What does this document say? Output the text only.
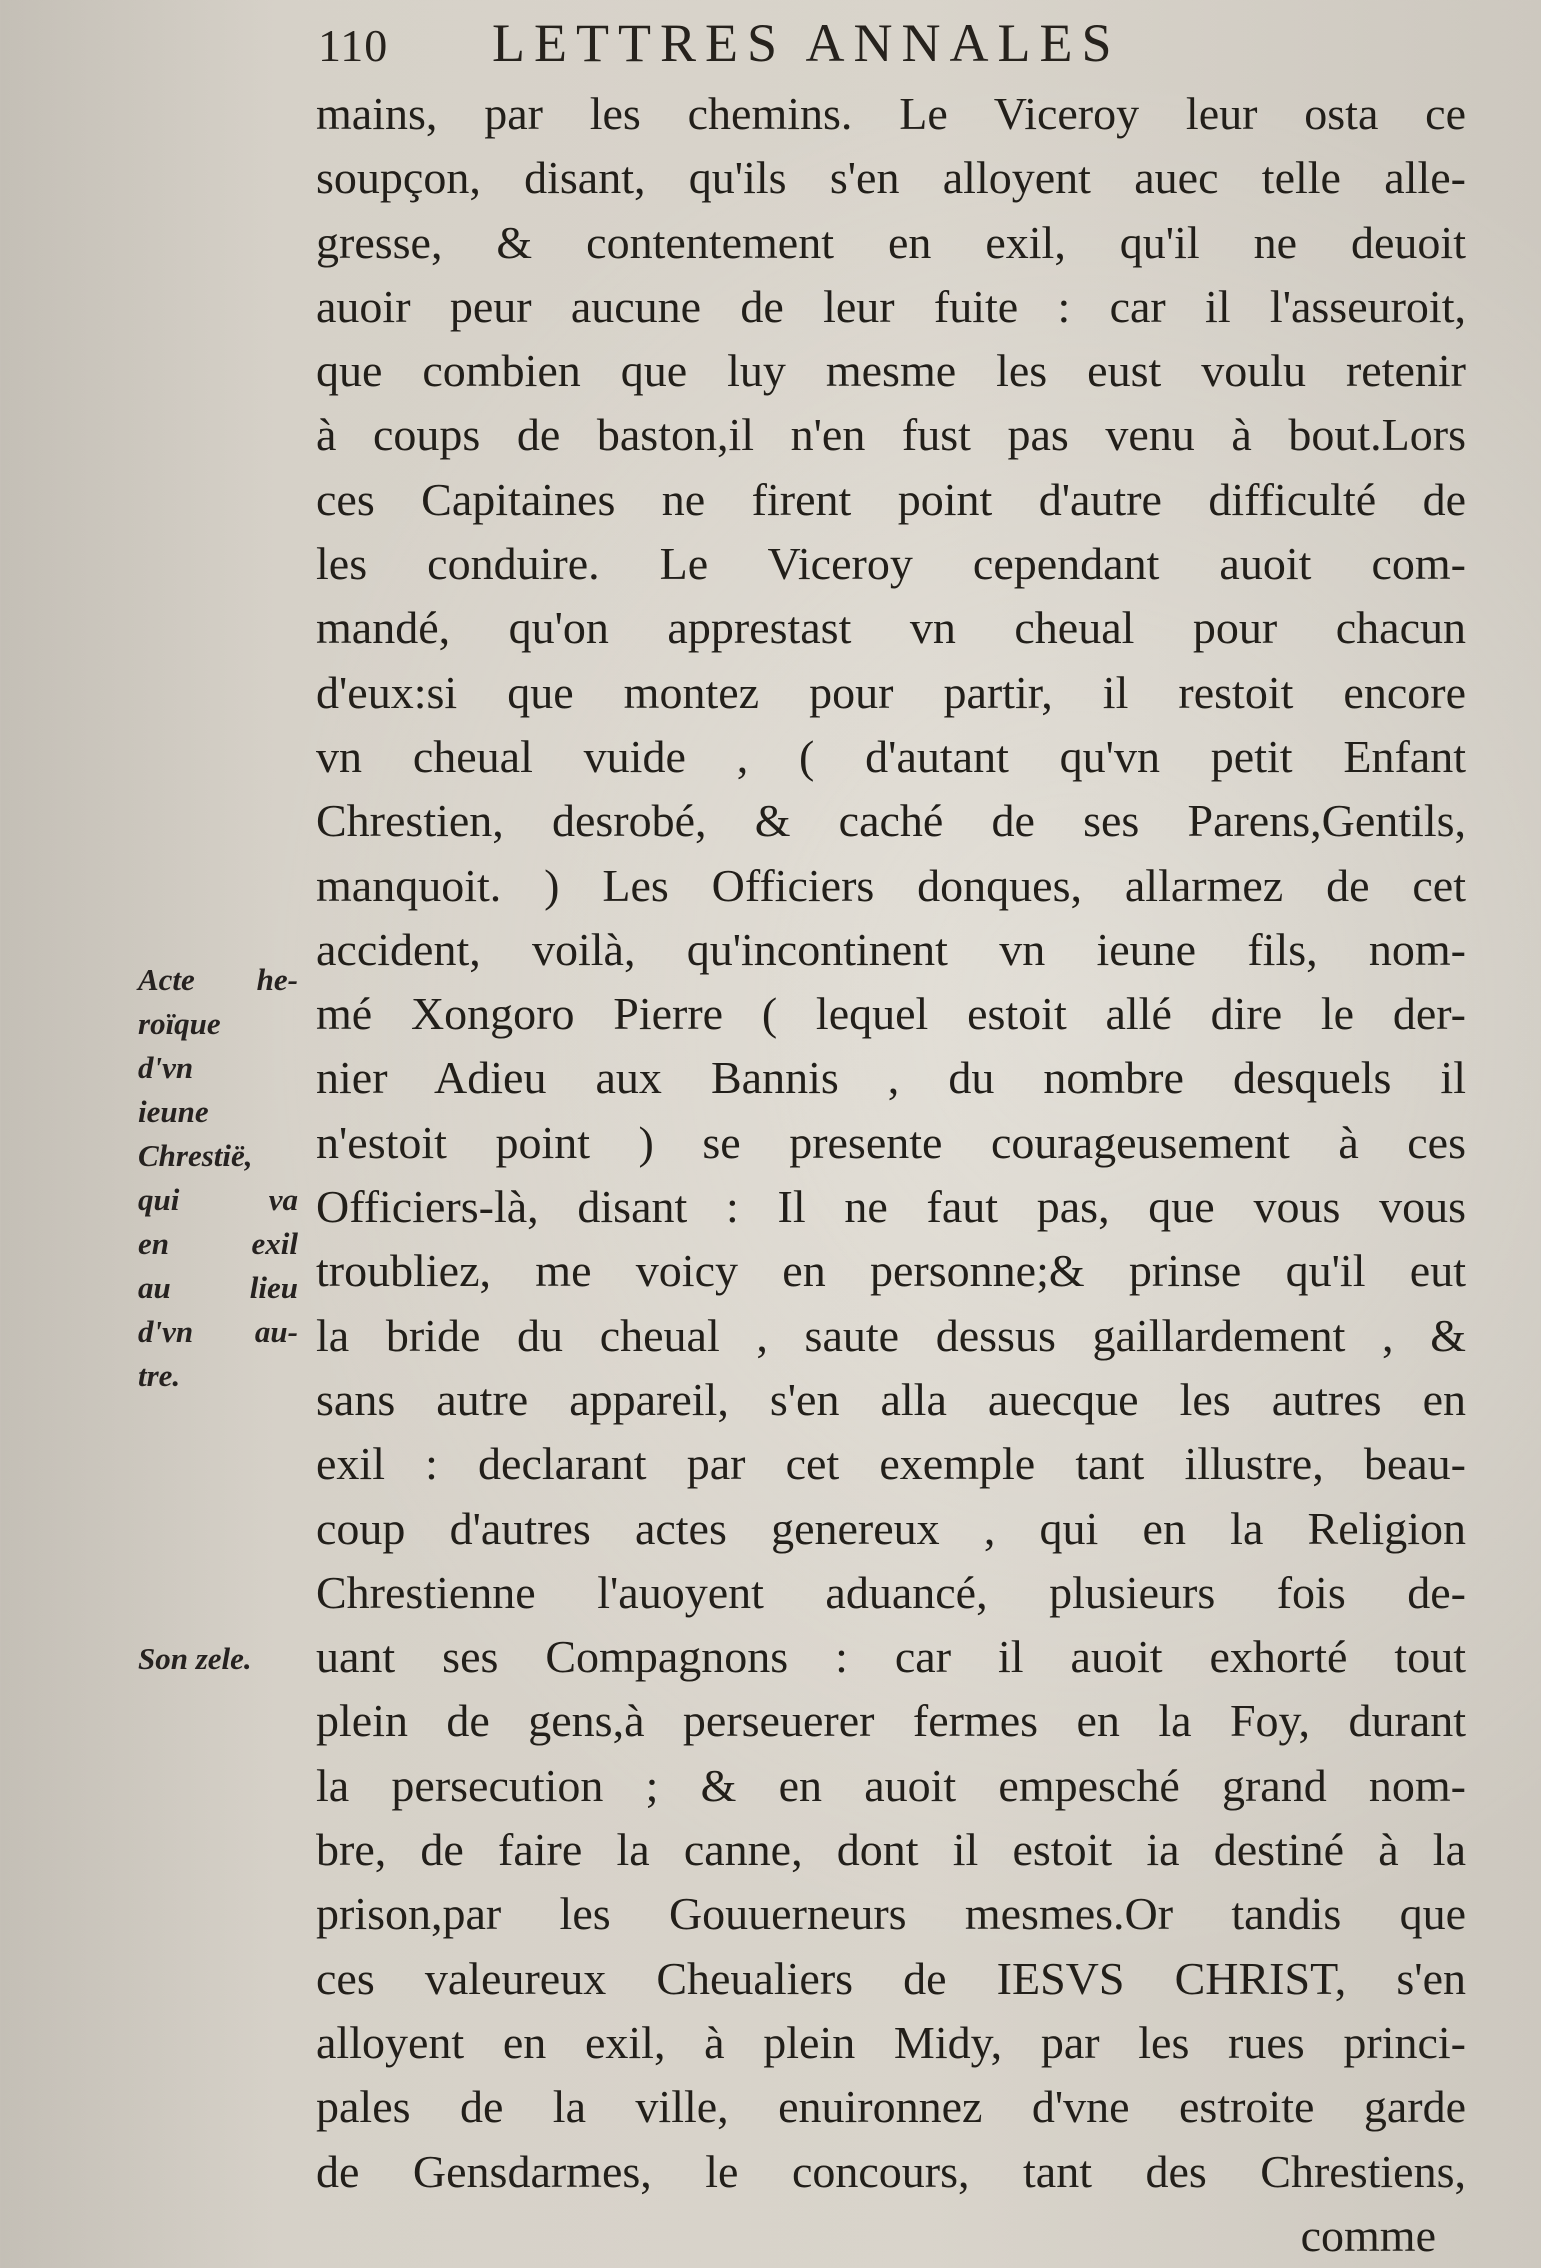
110 LETTRES ANNALES
Acte he-
roïque
d'vn
ieune
Chrestië,
qui va
en exil
au lieu
d'vn au-
tre.
Son zele.
mains, par les chemins. Le Viceroy leur osta ce
soupçon, disant, qu'ils s'en alloyent auec telle alle-
gresse, & contentement en exil, qu'il ne deuoit
auoir peur aucune de leur fuite : car il l'asseuroit,
que combien que luy mesme les eust voulu retenir
à coups de baston,il n'en fust pas venu à bout.Lors
ces Capitaines ne firent point d'autre difficulté de
les conduire. Le Viceroy cependant auoit com-
mandé, qu'on apprestast vn cheual pour chacun
d'eux:si que montez pour partir, il restoit encore
vn cheual vuide , ( d'autant qu'vn petit Enfant
Chrestien, desrobé, & caché de ses Parens,Gentils,
manquoit. ) Les Officiers donques, allarmez de cet
accident, voilà, qu'incontinent vn ieune fils, nom-
mé Xongoro Pierre ( lequel estoit allé dire le der-
nier Adieu aux Bannis , du nombre desquels il
n'estoit point ) se presente courageusement à ces
Officiers-là, disant : Il ne faut pas, que vous vous
troubliez, me voicy en personne;& prinse qu'il eut
la bride du cheual , saute dessus gaillardement , &
sans autre appareil, s'en alla auecque les autres en
exil : declarant par cet exemple tant illustre, beau-
coup d'autres actes genereux , qui en la Religion
Chrestienne l'auoyent aduancé, plusieurs fois de-
uant ses Compagnons : car il auoit exhorté tout
plein de gens,à perseuerer fermes en la Foy, durant
la persecution ; & en auoit empesché grand nom-
bre, de faire la canne, dont il estoit ia destiné à la
prison,par les Gouuerneurs mesmes.Or tandis que
ces valeureux Cheualiers de IESVS CHRIST, s'en
alloyent en exil, à plein Midy, par les rues princi-
pales de la ville, enuironnez d'vne estroite garde
de Gensdarmes, le concours, tant des Chrestiens,
comme
